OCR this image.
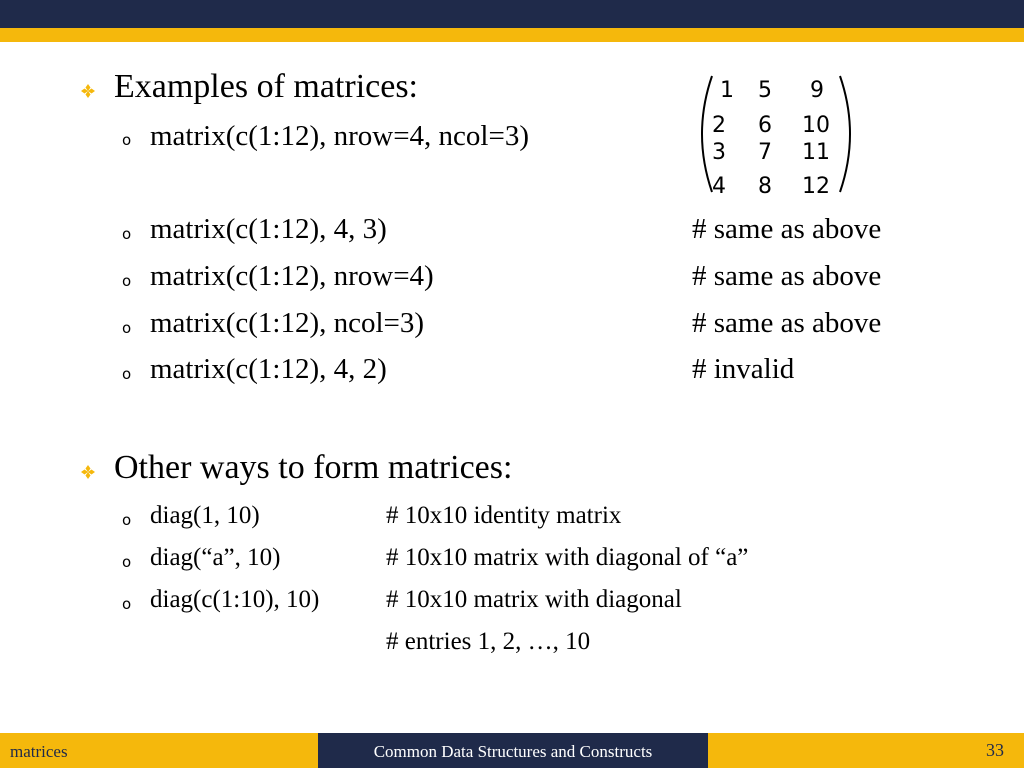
Examples of matrices:
o matrix(c(1:12), nrow=4, ncol=3)
o matrix(c(1:12), 4, 3)	# same as above
o matrix(c(1:12), nrow=4)	# same as above
o matrix(c(1:12), ncol=3)	# same as above
o matrix(c(1:12), 4, 2)	# invalid
1 5 9
2 6 10
3 7 11
4 8 12
Other ways to form matrices:
o diag(1, 10)	# 10x10 identity matrix
o diag(“a”, 10)	# 10x10 matrix with diagonal of “a”
o diag(c(1:10), 10)	# 10x10 matrix with diagonal
# entries 1, 2, …, 10
matrices	Common Data Structures and Constructs	33
